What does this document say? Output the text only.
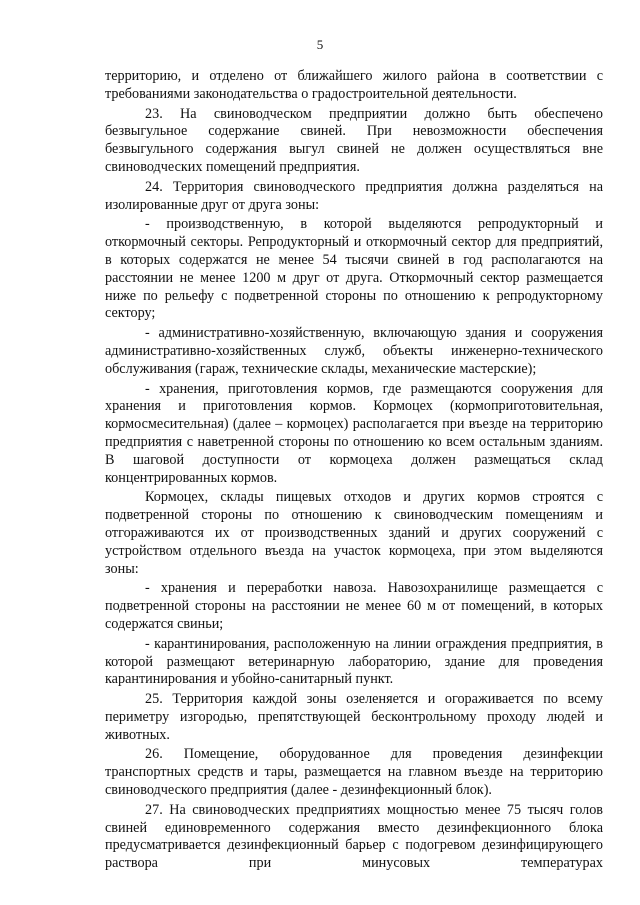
5

территорию, и отделено от ближайшего жилого района в соответствии с требованиями законодательства о градостроительной деятельности.

23. На свиноводческом предприятии должно быть обеспечено безвыгульное содержание свиней. При невозможности обеспечения безвыгульного содержания выгул свиней не должен осуществляться вне свиноводческих помещений предприятия.

24. Территория свиноводческого предприятия должна разделяться на изолированные друг от друга зоны:

- производственную, в которой выделяются репродукторный и откормочный секторы. Репродукторный и откормочный сектор для предприятий, в которых содержатся не менее 54 тысячи свиней в год располагаются на расстоянии не менее 1200 м друг от друга. Откормочный сектор размещается ниже по рельефу с подветренной стороны по отношению к репродукторному сектору;

- административно-хозяйственную, включающую здания и сооружения административно-хозяйственных служб, объекты инженерно-технического обслуживания (гараж, технические склады, механические мастерские);

- хранения, приготовления кормов, где размещаются сооружения для хранения и приготовления кормов. Кормоцех (кормоприготовительная, кормосмесительная) (далее – кормоцех) располагается при въезде на территорию предприятия с наветренной стороны по отношению ко всем остальным зданиям. В шаговой доступности от кормоцеха должен размещаться склад концентрированных кормов.

Кормоцех, склады пищевых отходов и других кормов строятся с подветренной стороны по отношению к свиноводческим помещениям и отгораживаются их от производственных зданий и других сооружений с устройством отдельного въезда на участок кормоцеха, при этом выделяются зоны:

- хранения и переработки навоза. Навозохранилище размещается с подветренной стороны на расстоянии не менее 60 м от помещений, в которых содержатся свиньи;

- карантинирования, расположенную на линии ограждения предприятия, в которой размещают ветеринарную лабораторию, здание для проведения карантинирования и убойно-санитарный пункт.

25. Территория каждой зоны озеленяется и огораживается по всему периметру изгородью, препятствующей бесконтрольному проходу людей и животных.

26. Помещение, оборудованное для проведения дезинфекции транспортных средств и тары, размещается на главном въезде на территорию свиноводческого предприятия (далее - дезинфекционный блок).

27. На свиноводческих предприятиях мощностью менее 75 тысяч голов свиней единовременного содержания вместо дезинфекционного блока предусматривается дезинфекционный барьер с подогревом дезинфицирующего раствора при минусовых температурах
